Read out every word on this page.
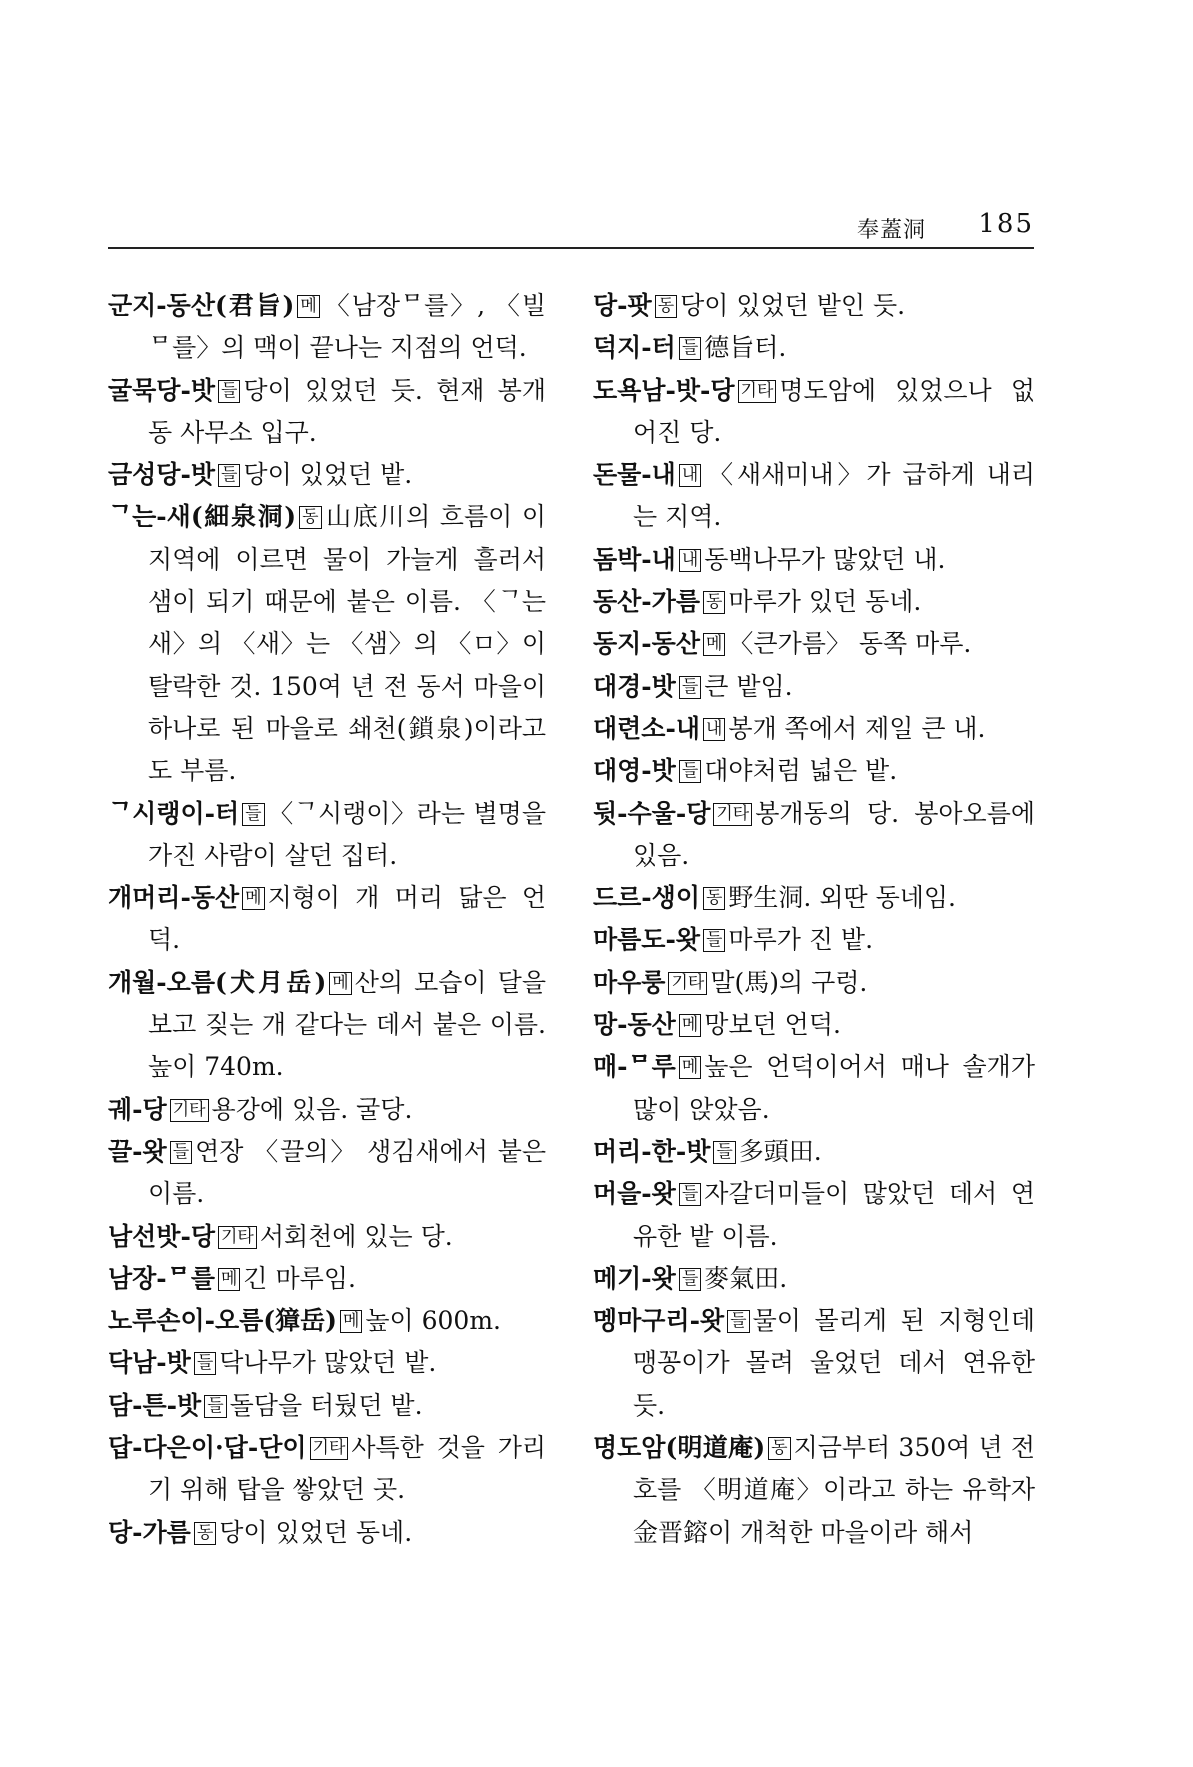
奉蓋洞 185

군지-동산(君旨) 메 〈남장ᄆ를〉, 〈빌ᄆ를〉의 맥이 끝나는 지점의 언덕.

굴묵당-밧 들 당이 있었던 듯. 현재 봉개동 사무소 입구.

금성당-밧 들 당이 있었던 밭.

ᄀ는-새(細泉洞) 동 山底川의 흐름이 이 지역에 이르면 물이 가늘게 흘러서 샘이 되기 때문에 붙은 이름. 〈ᄀ는새〉의 〈새〉는 〈샘〉의 〈ㅁ〉이 탈락한 것. 150여 년 전 동서 마을이 하나로 된 마을로 쇄천(鎖泉)이라고도 부름.

ᄀ시랭이-터 들 〈ᄀ시랭이〉라는 별명을 가진 사람이 살던 집터.

개머리-동산 메 지형이 개 머리 닮은 언덕.

개월-오름(犬月岳) 메 산의 모습이 달을 보고 짖는 개 같다는 데서 붙은 이름. 높이 740m.

궤-당 기타 용강에 있음. 굴당.

끌-왓 들 연장 〈끌의〉 생김새에서 붙은 이름.

남선밧-당 기타 서회천에 있는 당.

남장-ᄆ를 메 긴 마루임.

노루손이-오름(獐岳) 메 높이 600m.

닥남-밧 들 닥나무가 많았던 밭.

담-튼-밧 들 돌담을 터뒀던 밭.

답-다은이·답-단이 기타 사특한 것을 가리기 위해 탑을 쌓았던 곳.

당-가름 동 당이 있었던 동네.

당-팟 동 당이 있었던 밭인 듯.

덕지-터 들 德旨터.

도욕남-밧-당 기타 명도암에 있었으나 없어진 당.

돈물-내 내 〈새새미내〉가 급하게 내리는 지역.

돔박-내 내 동백나무가 많았던 내.

동산-가름 동 마루가 있던 동네.

동지-동산 메 〈큰가름〉 동쪽 마루.

대경-밧 들 큰 밭임.

대련소-내 내 봉개 쪽에서 제일 큰 내.

대영-밧 들 대야처럼 넓은 밭.

뒷-수울-당 기타 봉개동의 당. 봉아오름에 있음.

드르-생이 동 野生洞. 외딴 동네임.

마름도-왓 들 마루가 진 밭.

마우룽 기타 말(馬)의 구렁.

망-동산 메 망보던 언덕.

매-ᄆ루 메 높은 언덕이어서 매나 솔개가 많이 앉았음.

머리-한-밧 들 多頭田.

머을-왓 들 자갈더미들이 많았던 데서 연유한 밭 이름.

메기-왓 들 麥氣田.

멩마구리-왓 들 물이 몰리게 된 지형인데 맹꽁이가 몰려 울었던 데서 연유한 듯.

명도암(明道庵) 동 지금부터 350여 년 전 호를 〈明道庵〉이라고 하는 유학자 金晋鎔이 개척한 마을이라 해서
